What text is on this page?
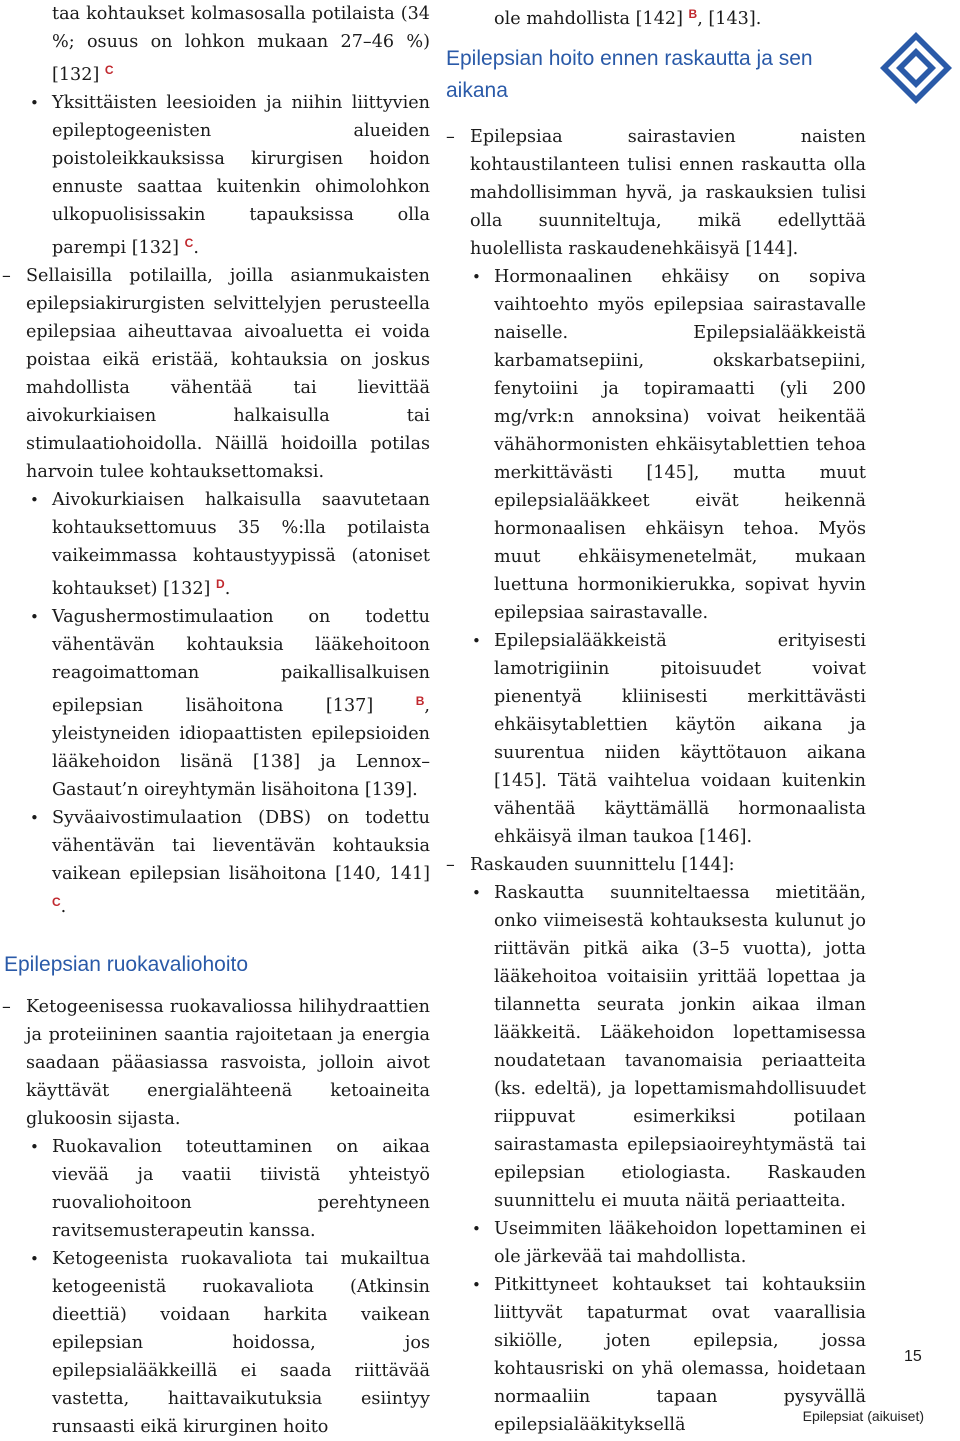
taa kohtaukset kolmasosalla potilaista (34 %; osuus on lohkon mukaan 27–46 %) [132] $^C$

• Yksittäisten leesioiden ja niihin liittyvien epileptogeenisten alueiden poistoleikkauksissa kirurgisen hoidon ennuste saattaa kuitenkin ohimolohkon ulkopuolisissakin tapauksissa olla parempi [132] $^C$.

– Sellaisilla potilailla, joilla asianmukaisten epilepsiakirurgisten selvittelyjen perusteella epilepsiaa aiheuttavaa aivoaluetta ei voida poistaa eikä eristää, kohtauksia on joskus mahdollista vähentää tai lievittää aivokurkiaisen halkaisulla tai stimulaatiohoidolla. Näillä hoidoilla potilas harvoin tulee kohtauksettomaksi.

• Aivokurkiaisen halkaisulla saavutetaan kohtauksettomuus 35 %:lla potilaista vaikeimmassa kohtaustyypissä (atoniset kohtaukset) [132] $^D$.

• Vagushermostimulaation on todettu vähentävän kohtauksia lääkehoitoon reagoimattoman paikallisalkuisen epilepsian lisähoitona [137]	$^B$, yleistyneiden idiopaattisten epilepsioiden lääkehoidon lisänä [138] ja Lennox–Gastaut’n oireyhtymän lisähoitona [139].

• Syväaivostimulaation (DBS) on todettu vähentävän tai lieventävän kohtauksia vaikean epilepsian lisähoitona [140, 141] $^C$.

Epilepsian ruokavaliohoito

– Ketogeenisessa ruokavaliossa hilihydraattien ja proteiininen saantia rajoitetaan ja energia saadaan pääasiassa rasvoista, jolloin aivot käyttävät energialähteenä ketoaineita glukoosin sijasta.

• Ruokavalion toteuttaminen on aikaa vievää ja vaatii tiivistä yhteistyö ruovaliohoitoon perehtyneen ravitsemusterapeutin kanssa.

• Ketogeenista ruokavaliota tai mukailtua ketogeenistä ruokavaliota (Atkinsin dieettiä) voidaan harkita vaikean epilepsian hoidossa, jos epilepsialääkkeillä ei saada riittävää vastetta, haittavaikutuksia esiintyy runsaasti eikä kirurginen hoito

ole mahdollista [142] $^B$, [143].

Epilepsian hoito ennen raskautta ja sen aikana

– Epilepsiaa sairastavien naisten kohtaustilanteen tulisi ennen raskautta olla mahdollisimman hyvä, ja raskauksien tulisi olla suunniteltuja, mikä edellyttää huolellista raskaudenehkäisyä [144].

• Hormonaalinen ehkäisy on sopiva vaihtoehto myös epilepsiaa sairastavalle naiselle. Epilepsialääkkeistä karbamatsepiini, okskarbatsepiini, fenytoiini ja topiramaatti (yli 200 mg/vrk:n annoksina) voivat heikentää vähähormonisten ehkäisytablettien tehoa merkittävästi [145], mutta muut epilepsialääkkeet eivät heikennä hormonaalisen ehkäisyn tehoa. Myös muut ehkäisymenetelmät, mukaan luettuna hormonikierukka, sopivat hyvin epilepsiaa sairastavalle.

• Epilepsialääkkeistä erityisesti lamotrigiinin pitoisuudet voivat pienentyä kliinisesti merkittävästi ehkäisytablettien käytön aikana ja suurentua niiden käyttötauon aikana [145]. Tätä vaihtelua voidaan kuitenkin vähentää käyttämällä hormonaalista ehkäisyä ilman taukoa [146].

– Raskauden suunnittelu [144]:

• Raskautta suunniteltaessa mietitään, onko viimeisestä kohtauksesta kulunut jo riittävän pitkä aika (3–5 vuotta), jotta lääkehoitoa voitaisiin yrittää lopettaa ja tilannetta seurata jonkin aikaa ilman lääkkeitä. Lääkehoidon lopettamisessa noudatetaan tavanomaisia periaatteita (ks. edeltä), ja lopettamismahdollisuudet riippuvat esimerkiksi potilaan sairastamasta epilepsiaoireyhtymästä tai epilepsian etiologiasta. Raskauden suunnittelu ei muuta näitä periaatteita.

• Useimmiten lääkehoidon lopettaminen ei ole järkevää tai mahdollista.

• Pitkittyneet kohtaukset tai kohtauksiin liittyvät tapaturmat ovat vaarallisia sikiölle, joten epilepsia, jossa kohtausriski on yhä olemassa, hoidetaan normaaliin tapaan pysyvällä epilepsialääkityksellä

15
Epilepsiat (aikuiset)
